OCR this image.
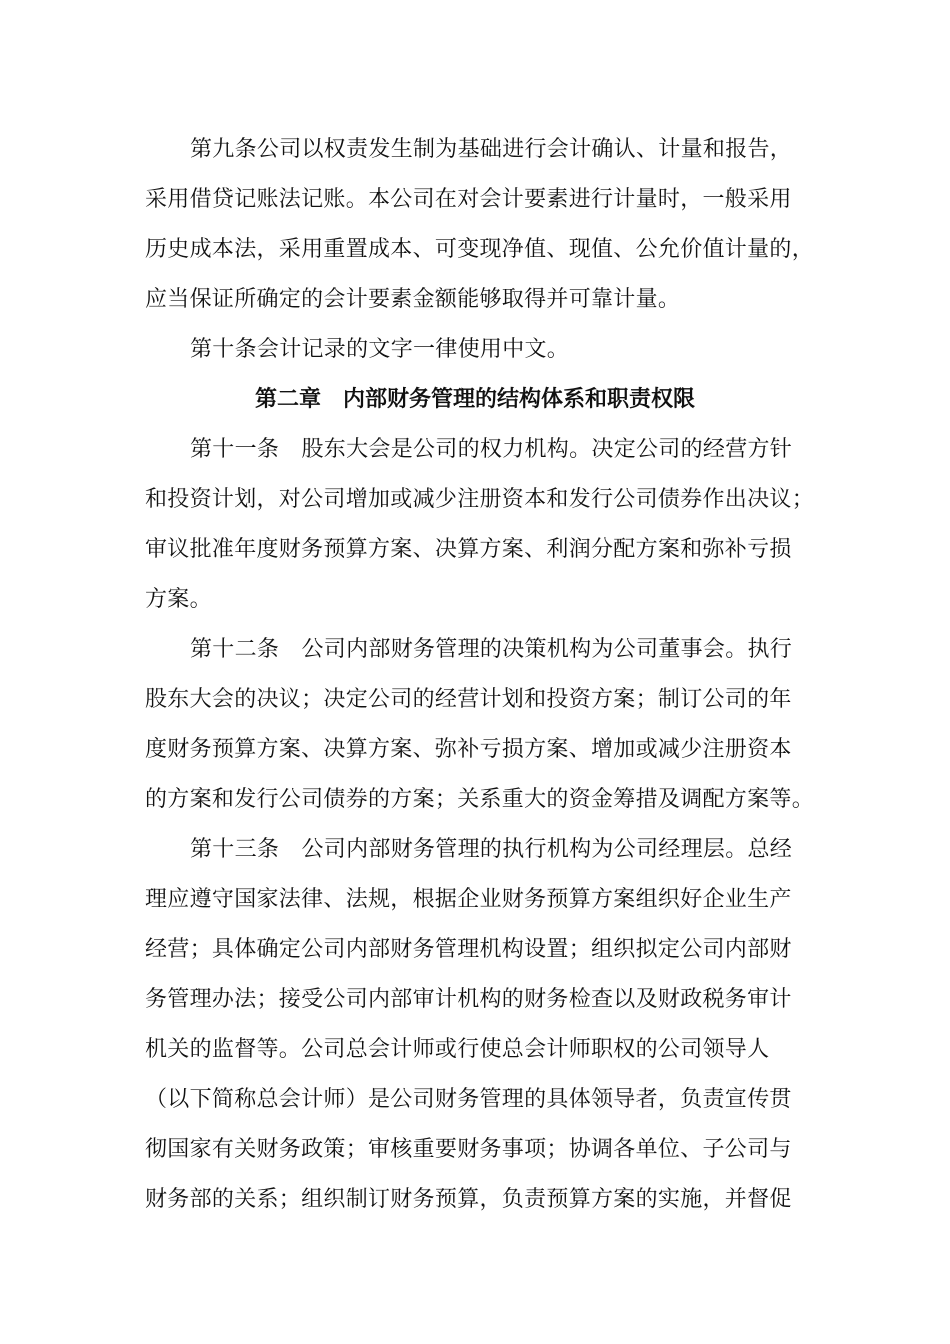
第九条公司以权责发生制为基础进行会计确认、计量和报告，
采用借贷记账法记账。本公司在对会计要素进行计量时，一般采用
历史成本法，采用重置成本、可变现净值、现值、公允价值计量的，
应当保证所确定的会计要素金额能够取得并可靠计量。
第十条会计记录的文字一律使用中文。
第二章 内部财务管理的结构体系和职责权限
第十一条　股东大会是公司的权力机构。决定公司的经营方针
和投资计划，对公司增加或减少注册资本和发行公司债券作出决议；
审议批准年度财务预算方案、决算方案、利润分配方案和弥补亏损
方案。
第十二条　公司内部财务管理的决策机构为公司董事会。执行
股东大会的决议；决定公司的经营计划和投资方案；制订公司的年
度财务预算方案、决算方案、弥补亏损方案、增加或减少注册资本
的方案和发行公司债券的方案；关系重大的资金筹措及调配方案等。
第十三条　公司内部财务管理的执行机构为公司经理层。总经
理应遵守国家法律、法规，根据企业财务预算方案组织好企业生产
经营；具体确定公司内部财务管理机构设置；组织拟定公司内部财
务管理办法；接受公司内部审计机构的财务检查以及财政税务审计
机关的监督等。公司总会计师或行使总会计师职权的公司领导人
（以下简称总会计师）是公司财务管理的具体领导者，负责宣传贯
彻国家有关财务政策；审核重要财务事项；协调各单位、子公司与
财务部的关系；组织制订财务预算，负责预算方案的实施，并督促
